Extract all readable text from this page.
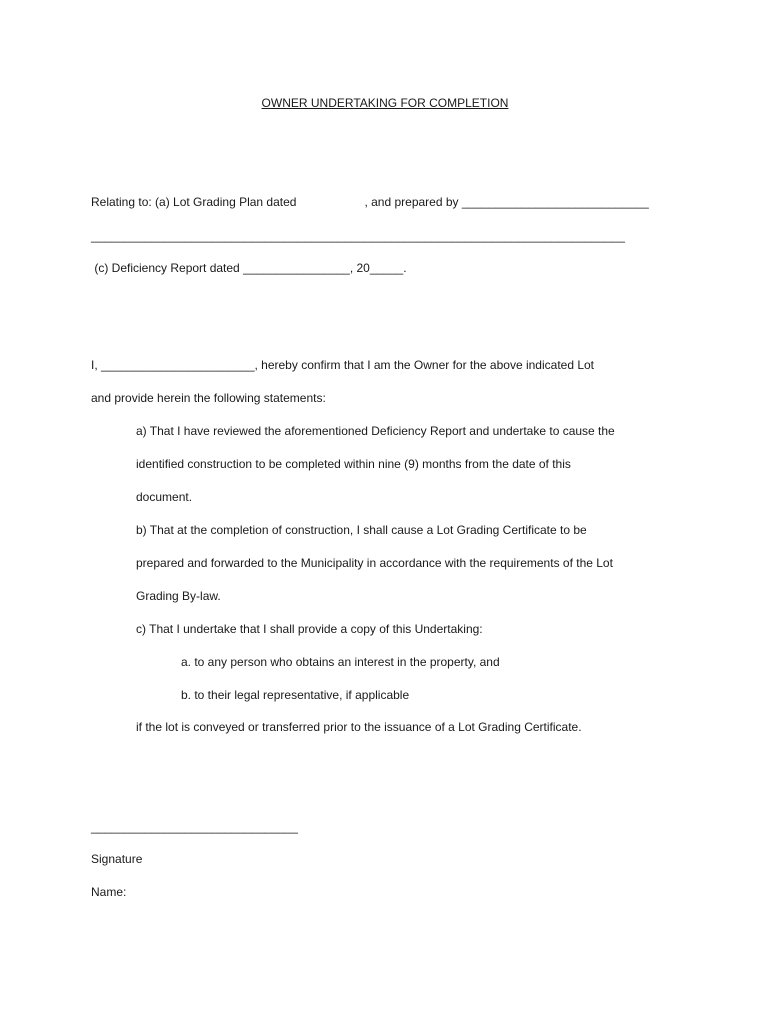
OWNER UNDERTAKING FOR COMPLETION
Relating to: (a) Lot Grading Plan dated	, and prepared by ____________________________
________________________________________________________________________________
(c) Deficiency Report dated ________________, 20_____.
I, _______________________, hereby confirm that I am the Owner for the above indicated Lot
and provide herein the following statements:
a) That I have reviewed the aforementioned Deficiency Report and undertake to cause the
identified construction to be completed within nine (9) months from the date of this
document.
b) That at the completion of construction, I shall cause a Lot Grading Certificate to be
prepared and forwarded to the Municipality in accordance with the requirements of the Lot
Grading By-law.
c) That I undertake that I shall provide a copy of this Undertaking:
a. to any person who obtains an interest in the property, and
b. to their legal representative, if applicable
if the lot is conveyed or transferred prior to the issuance of a Lot Grading Certificate.
_______________________________
Signature
Name:
